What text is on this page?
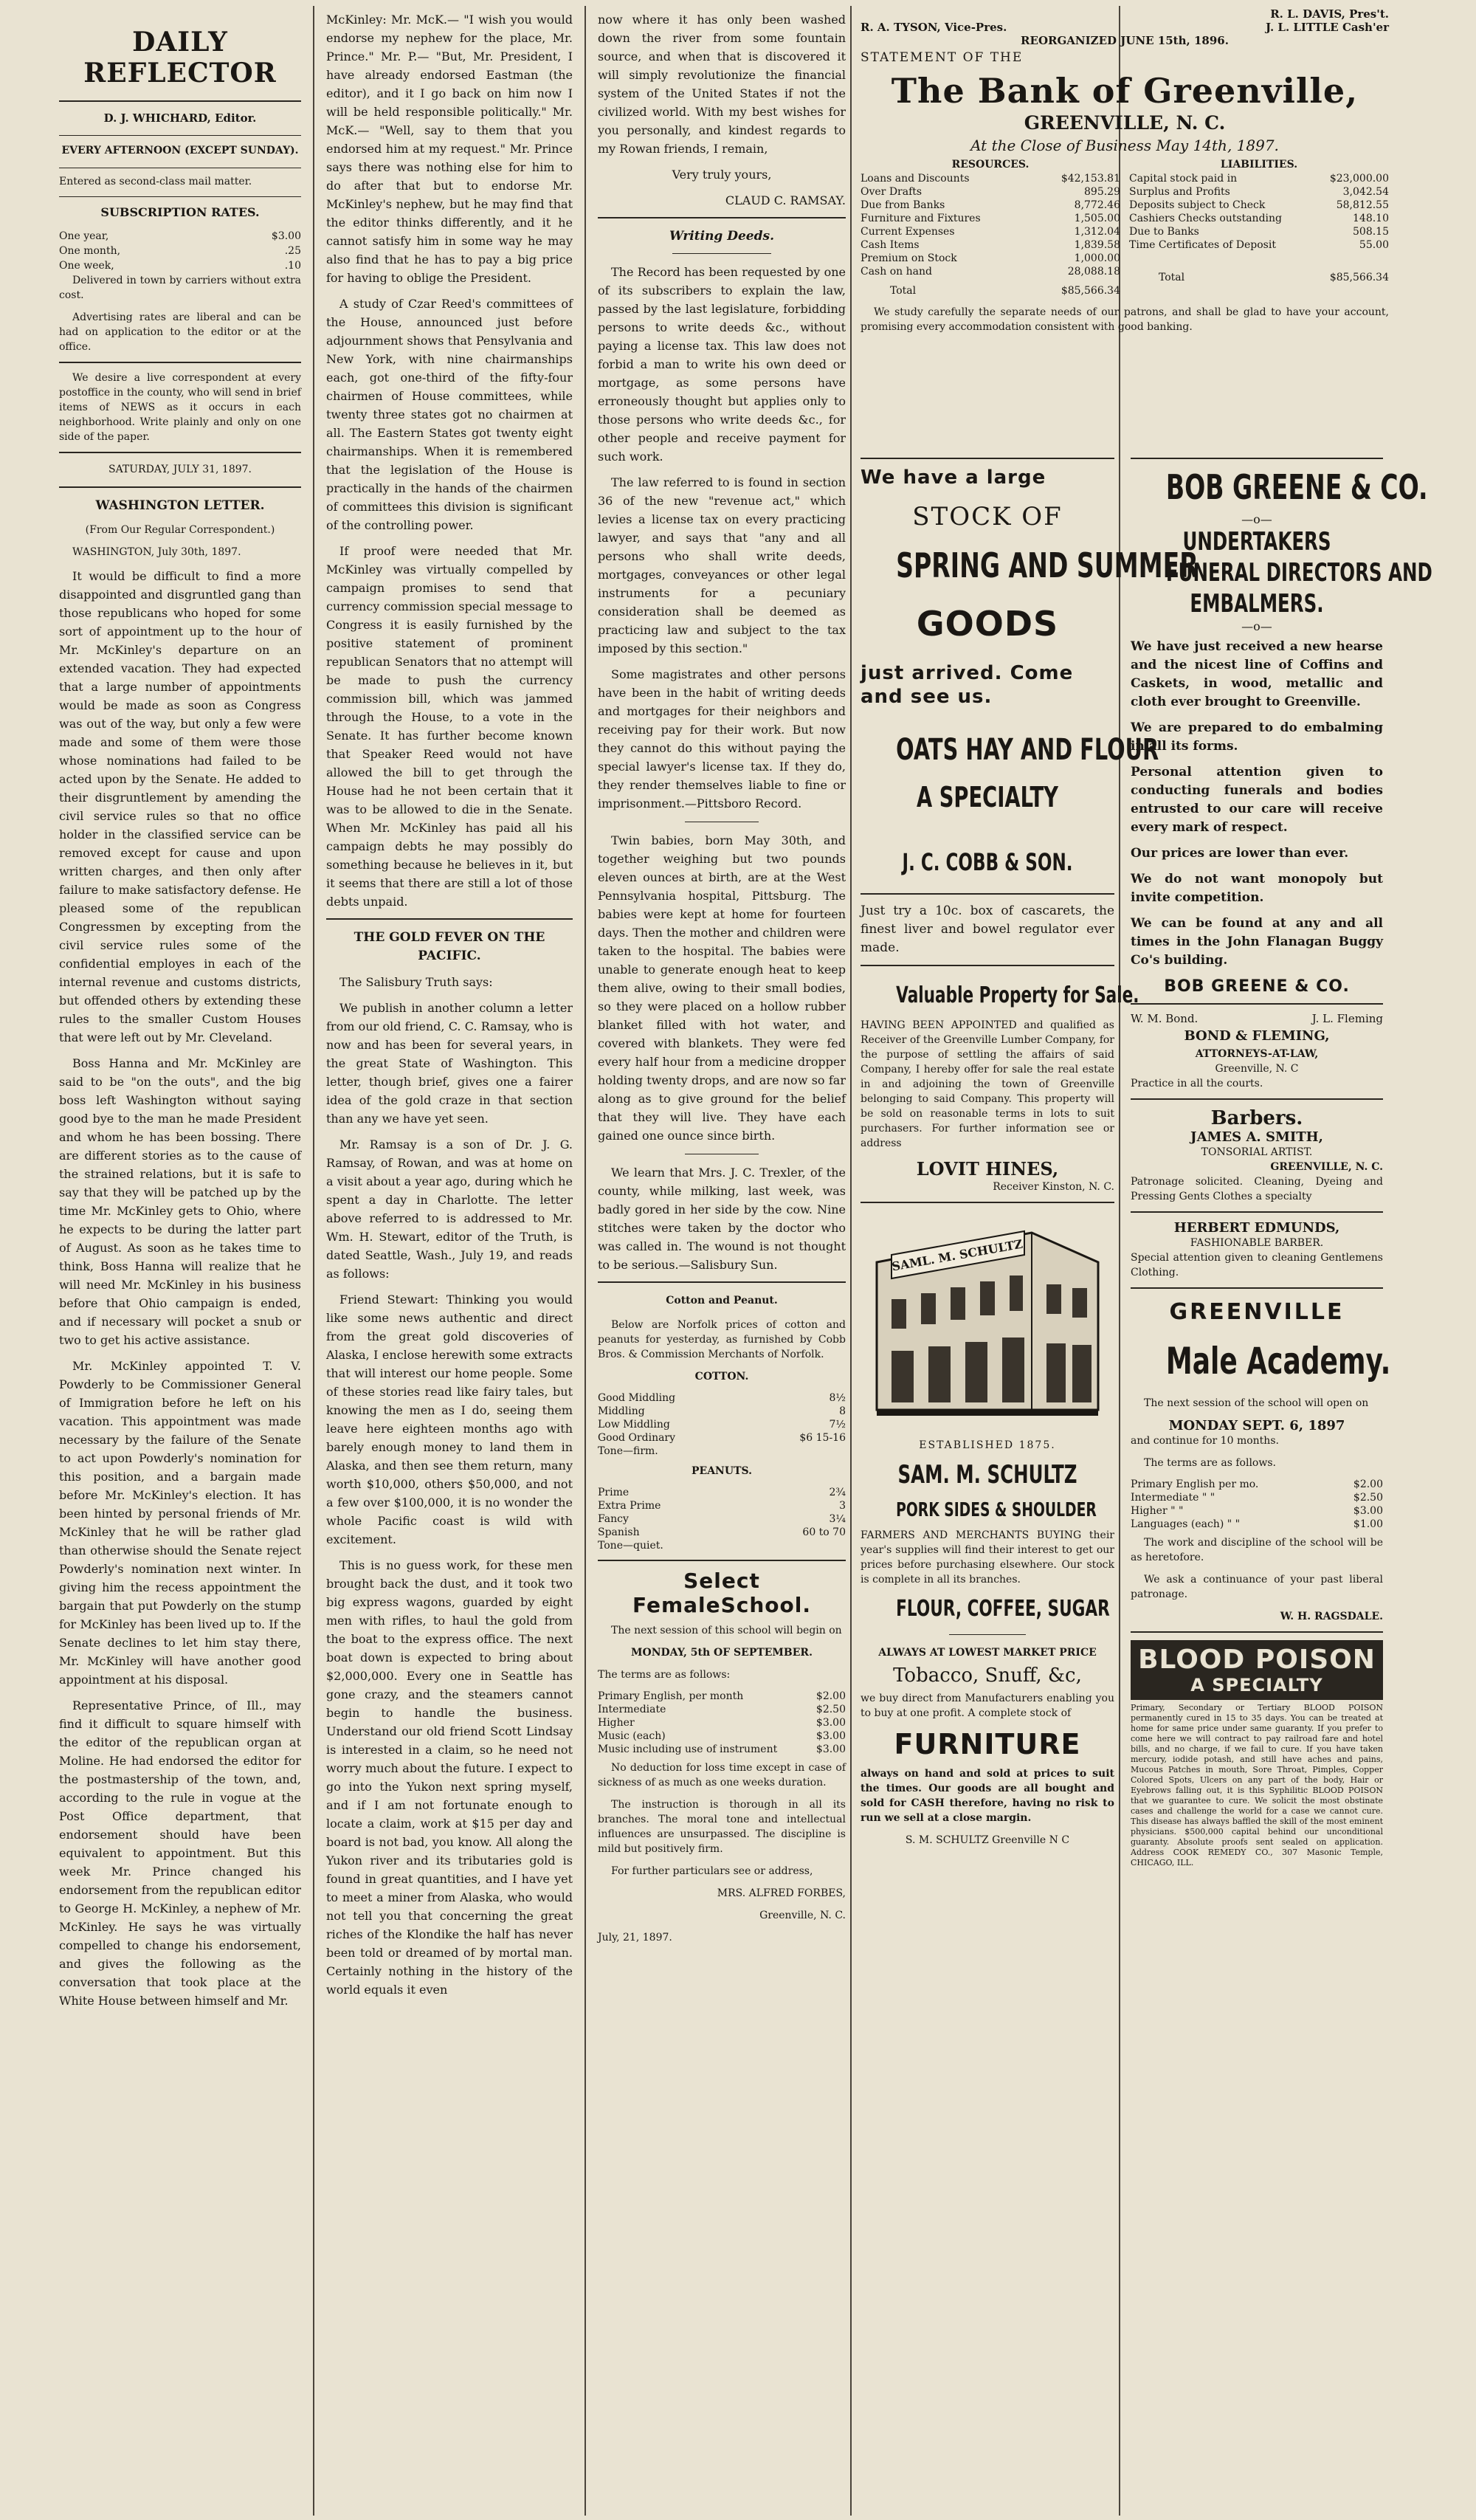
DAILY REFLECTOR

D. J. WHICHARD, Editor.

EVERY AFTERNOON (EXCEPT SUNDAY).

Entered as second-class mail matter.

SUBSCRIPTION RATES.

One year,	$3.00
One month,	.25
One week,	.10

Delivered in town by carriers without extra cost.

Advertising rates are liberal and can be had on application to the editor or at the office.

We desire a live correspondent at every postoffice in the county, who will send in brief items of NEWS as it occurs in each neighborhood. Write plainly and only on one side of the paper.

SATURDAY, JULY 31, 1897.

WASHINGTON LETTER.

(From Our Regular Correspondent.)

WASHINGTON, July 30th, 1897.

It would be difficult to find a more disappointed and disgruntled gang than those republicans who hoped for some sort of appointment up to the hour of Mr. McKinley's departure on an extended vacation. They had expected that a large number of appointments would be made as soon as Congress was out of the way, but only a few were made and some of them were those whose nominations had failed to be acted upon by the Senate. He added to their disgruntlement by amending the civil service rules so that no office holder in the classified service can be removed except for cause and upon written charges, and then only after failure to make satisfactory defense. He pleased some of the republican Congressmen by excepting from the civil service rules some of the confidential employes in each of the internal revenue and customs districts, but offended others by extending these rules to the smaller Custom Houses that were left out by Mr. Cleveland.

Boss Hanna and Mr. McKinley are said to be "on the outs", and the big boss left Washington without saying good bye to the man he made President and whom he has been bossing. There are different stories as to the cause of the strained relations, but it is safe to say that they will be patched up by the time Mr. McKinley gets to Ohio, where he expects to be during the latter part of August. As soon as he takes time to think, Boss Hanna will realize that he will need Mr. McKinley in his business before that Ohio campaign is ended, and if necessary will pocket a snub or two to get his active assistance.

Mr. McKinley appointed T. V. Powderly to be Commissioner General of Immigration before he left on his vacation. This appointment was made necessary by the failure of the Senate to act upon Powderly's nomination for this position, and a bargain made before Mr. McKinley's election. It has been hinted by personal friends of Mr. McKinley that he will be rather glad than otherwise should the Senate reject Powderly's nomination next winter. In giving him the recess appointment the bargain that put Powderly on the stump for McKinley has been lived up to. If the Senate declines to let him stay there, Mr. McKinley will have another good appointment at his disposal.

Representative Prince, of Ill., may find it difficult to square himself with the editor of the republican organ at Moline. He had endorsed the editor for the postmastership of the town, and, according to the rule in vogue at the Post Office department, that endorsement should have been equivalent to appointment. But this week Mr. Prince changed his endorsement from the republican editor to George H. McKinley, a nephew of Mr. McKinley. He says he was virtually compelled to change his endorsement, and gives the following as the conversation that took place at the White House between himself and Mr.

McKinley: Mr. McK.— "I wish you would endorse my nephew for the place, Mr. Prince." Mr. P.— "But, Mr. President, I have already endorsed Eastman (the editor), and it I go back on him now I will be held responsible politically." Mr. McK.— "Well, say to them that you endorsed him at my request." Mr. Prince says there was nothing else for him to do after that but to endorse Mr. McKinley's nephew, but he may find that the editor thinks differently, and it he cannot satisfy him in some way he may also find that he has to pay a big price for having to oblige the President.

A study of Czar Reed's committees of the House, announced just before adjournment shows that Pensylvania and New York, with nine chairmanships each, got one-third of the fifty-four chairmen of House committees, while twenty three states got no chairmen at all. The Eastern States got twenty eight chairmanships. When it is remembered that the legislation of the House is practically in the hands of the chairmen of committees this division is significant of the controlling power.

If proof were needed that Mr. McKinley was virtually compelled by campaign promises to send that currency commission special message to Congress it is easily furnished by the positive statement of prominent republican Senators that no attempt will be made to push the currency commission bill, which was jammed through the House, to a vote in the Senate. It has further become known that Speaker Reed would not have allowed the bill to get through the House had he not been certain that it was to be allowed to die in the Senate. When Mr. McKinley has paid all his campaign debts he may possibly do something because he believes in it, but it seems that there are still a lot of those debts unpaid.

THE GOLD FEVER ON THE PACIFIC.

The Salisbury Truth says:

We publish in another column a letter from our old friend, C. C. Ramsay, who is now and has been for several years, in the great State of Washington. This letter, though brief, gives one a fairer idea of the gold craze in that section than any we have yet seen.

Mr. Ramsay is a son of Dr. J. G. Ramsay, of Rowan, and was at home on a visit about a year ago, during which he spent a day in Charlotte. The letter above referred to is addressed to Mr. Wm. H. Stewart, editor of the Truth, is dated Seattle, Wash., July 19, and reads as follows:

Friend Stewart: Thinking you would like some news authentic and direct from the great gold discoveries of Alaska, I enclose herewith some extracts that will interest our home people. Some of these stories read like fairy tales, but knowing the men as I do, seeing them leave here eighteen months ago with barely enough money to land them in Alaska, and then see them return, many worth $10,000, others $50,000, and not a few over $100,000, it is no wonder the whole Pacific coast is wild with excitement.

This is no guess work, for these men brought back the dust, and it took two big express wagons, guarded by eight men with rifles, to haul the gold from the boat to the express office. The next boat down is expected to bring about $2,000,000. Every one in Seattle has gone crazy, and the steamers cannot begin to handle the business. Understand our old friend Scott Lindsay is interested in a claim, so he need not worry much about the future. I expect to go into the Yukon next spring myself, and if I am not fortunate enough to locate a claim, work at $15 per day and board is not bad, you know. All along the Yukon river and its tributaries gold is found in great quantities, and I have yet to meet a miner from Alaska, who would not tell you that concerning the great riches of the Klondike the half has never been told or dreamed of by mortal man. Certainly nothing in the history of the world equals it even

now where it has only been washed down the river from some fountain source, and when that is discovered it will simply revolutionize the financial system of the United States if not the civilized world. With my best wishes for you personally, and kindest regards to my Rowan friends, I remain,

Very truly yours,

CLAUD C. RAMSAY.

Writing Deeds.

The Record has been requested by one of its subscribers to explain the law, passed by the last legislature, forbidding persons to write deeds &c., without paying a license tax. This law does not forbid a man to write his own deed or mortgage, as some persons have erroneously thought but applies only to those persons who write deeds &c., for other people and receive payment for such work.

The law referred to is found in section 36 of the new "revenue act," which levies a license tax on every practicing lawyer, and says that "any and all persons who shall write deeds, mortgages, conveyances or other legal instruments for a pecuniary consideration shall be deemed as practicing law and subject to the tax imposed by this section."

Some magistrates and other persons have been in the habit of writing deeds and mortgages for their neighbors and receiving pay for their work. But now they cannot do this without paying the special lawyer's license tax. If they do, they render themselves liable to fine or imprisonment.—Pittsboro Record.

Twin babies, born May 30th, and together weighing but two pounds eleven ounces at birth, are at the West Pennsylvania hospital, Pittsburg. The babies were kept at home for fourteen days. Then the mother and children were taken to the hospital. The babies were unable to generate enough heat to keep them alive, owing to their small bodies, so they were placed on a hollow rubber blanket filled with hot water, and covered with blankets. They were fed every half hour from a medicine dropper holding twenty drops, and are now so far along as to give ground for the belief that they will live. They have each gained one ounce since birth.

We learn that Mrs. J. C. Trexler, of the county, while milking, last week, was badly gored in her side by the cow. Nine stitches were taken by the doctor who was called in. The wound is not thought to be serious.—Salisbury Sun.

Cotton and Peanut.

Below are Norfolk prices of cotton and peanuts for yesterday, as furnished by Cobb Bros. & Commission Merchants of Norfolk.

COTTON.

Good Middling	8½
Middling	8
Low Middling	7½
Good Ordinary	$6 15-16
Tone—firm.	

PEANUTS.

Prime	2¾
Extra Prime	3
Fancy	3¼
Spanish	60 to 70
Tone—quiet.	
Select FemaleSchool.

The next session of this school will begin on

MONDAY, 5th OF SEPTEMBER.

The terms are as follows:

Primary English, per month	$2.00
Intermediate	$2.50
Higher	$3.00
Music (each)	$3.00
Music including use of instrument	$3.00

No deduction for loss time except in case of sickness of as much as one weeks duration.

The instruction is thorough in all its branches. The moral tone and intellectual influences are unsurpassed. The discipline is mild but positively firm.

For further particulars see or address,

MRS. ALFRED FORBES,

Greenville, N. C.

July, 21, 1897.

R. L. DAVIS, Pres't.
R. A. TYSON, Vice-Pres.	J. L. LITTLE Cash'er
REORGANIZED JUNE 15th, 1896.
STATEMENT OF THE
The Bank of Greenville,
GREENVILLE, N. C.
At the Close of Business May 14th, 1897.
RESOURCES.
Loans and Discounts	$42,153.81
Over Drafts	895.29
Due from Banks	8,772.46
Furniture and Fixtures	1,505.00
Current Expenses	1,312.04
Cash Items	1,839.58
Premium on Stock	1,000.00
Cash on hand	28,088.18
Total	$85,566.34
LIABILITIES.
Capital stock paid in	$23,000.00
Surplus and Profits	3,042.54
Deposits subject to Check	58,812.55
Cashiers Checks outstanding	148.10
Due to Banks	508.15
Time Certificates of Deposit	55.00
Total	$85,566.34

We study carefully the separate needs of our patrons, and shall be glad to have your account, promising every accommodation consistent with good banking.

We have a large
STOCK OF
SPRING AND SUMMER
GOODS
just arrived. Come and see us.
OATS HAY AND FLOUR
A SPECIALTY
J. C. COBB & SON.

Just try a 10c. box of cascarets, the finest liver and bowel regulator ever made.

Valuable Property for Sale.

HAVING BEEN APPOINTED and qualified as Receiver of the Greenville Lumber Company, for the purpose of settling the affairs of said Company, I hereby offer for sale the real estate in and adjoining the town of Greenville belonging to said Company. This property will be sold on reasonable terms in lots to suit purchasers. For further information see or address

LOVIT HINES,
Receiver Kinston, N. C.
SAML. M. SCHULTZ
ESTABLISHED 1875.
SAM. M. SCHULTZ
PORK SIDES & SHOULDER

FARMERS AND MERCHANTS BUYING their year's supplies will find their interest to get our prices before purchasing elsewhere. Our stock is complete in all its branches.

FLOUR, COFFEE, SUGAR
ALWAYS AT LOWEST MARKET PRICE
Tobacco, Snuff, &c,

we buy direct from Manufacturers enabling you to buy at one profit. A complete stock of

FURNITURE

always on hand and sold at prices to suit the times. Our goods are all bought and sold for CASH therefore, having no risk to run we sell at a close margin.

S. M. SCHULTZ Greenville N C
BOB GREENE & CO.
—o—
UNDERTAKERS
FUNERAL DIRECTORS AND
EMBALMERS.
—o—

We have just received a new hearse and the nicest line of Coffins and Caskets, in wood, metallic and cloth ever brought to Greenville.

We are prepared to do embalming in all its forms.

Personal attention given to conducting funerals and bodies entrusted to our care will receive every mark of respect.

Our prices are lower than ever.

We do not want monopoly but invite competition.

We can be found at any and all times in the John Flanagan Buggy Co's building.

BOB GREENE & CO.
W. M. Bond.	J. L. Fleming
BOND & FLEMING,
ATTORNEYS-AT-LAW,
Greenville, N. C
Practice in all the courts.
Barbers.
JAMES A. SMITH,
TONSORIAL ARTIST.
GREENVILLE, N. C.

Patronage solicited. Cleaning, Dyeing and Pressing Gents Clothes a specialty

HERBERT EDMUNDS,
FASHIONABLE BARBER.

Special attention given to cleaning Gentlemens Clothing.

GREENVILLE
Male Academy.

The next session of the school will open on

MONDAY SEPT. 6, 1897

and continue for 10 months.

The terms are as follows.

Primary English per mo.	$2.00
Intermediate " "	$2.50
Higher " "	$3.00
Languages (each) " "	$1.00

The work and discipline of the school will be as heretofore.

We ask a continuance of your past liberal patronage.

W. H. RAGSDALE.
BLOOD POISON
A SPECIALTY

Primary, Secondary or Tertiary BLOOD POISON permanently cured in 15 to 35 days. You can be treated at home for same price under same guaranty. If you prefer to come here we will contract to pay railroad fare and hotel bills, and no charge, if we fail to cure. If you have taken mercury, iodide potash, and still have aches and pains, Mucous Patches in mouth, Sore Throat, Pimples, Copper Colored Spots, Ulcers on any part of the body, Hair or Eyebrows falling out, it is this Syphilitic BLOOD POISON that we guarantee to cure. We solicit the most obstinate cases and challenge the world for a case we cannot cure. This disease has always baffled the skill of the most eminent physicians. $500,000 capital behind our unconditional guaranty. Absolute proofs sent sealed on application. Address COOK REMEDY CO., 307 Masonic Temple, CHICAGO, ILL.
